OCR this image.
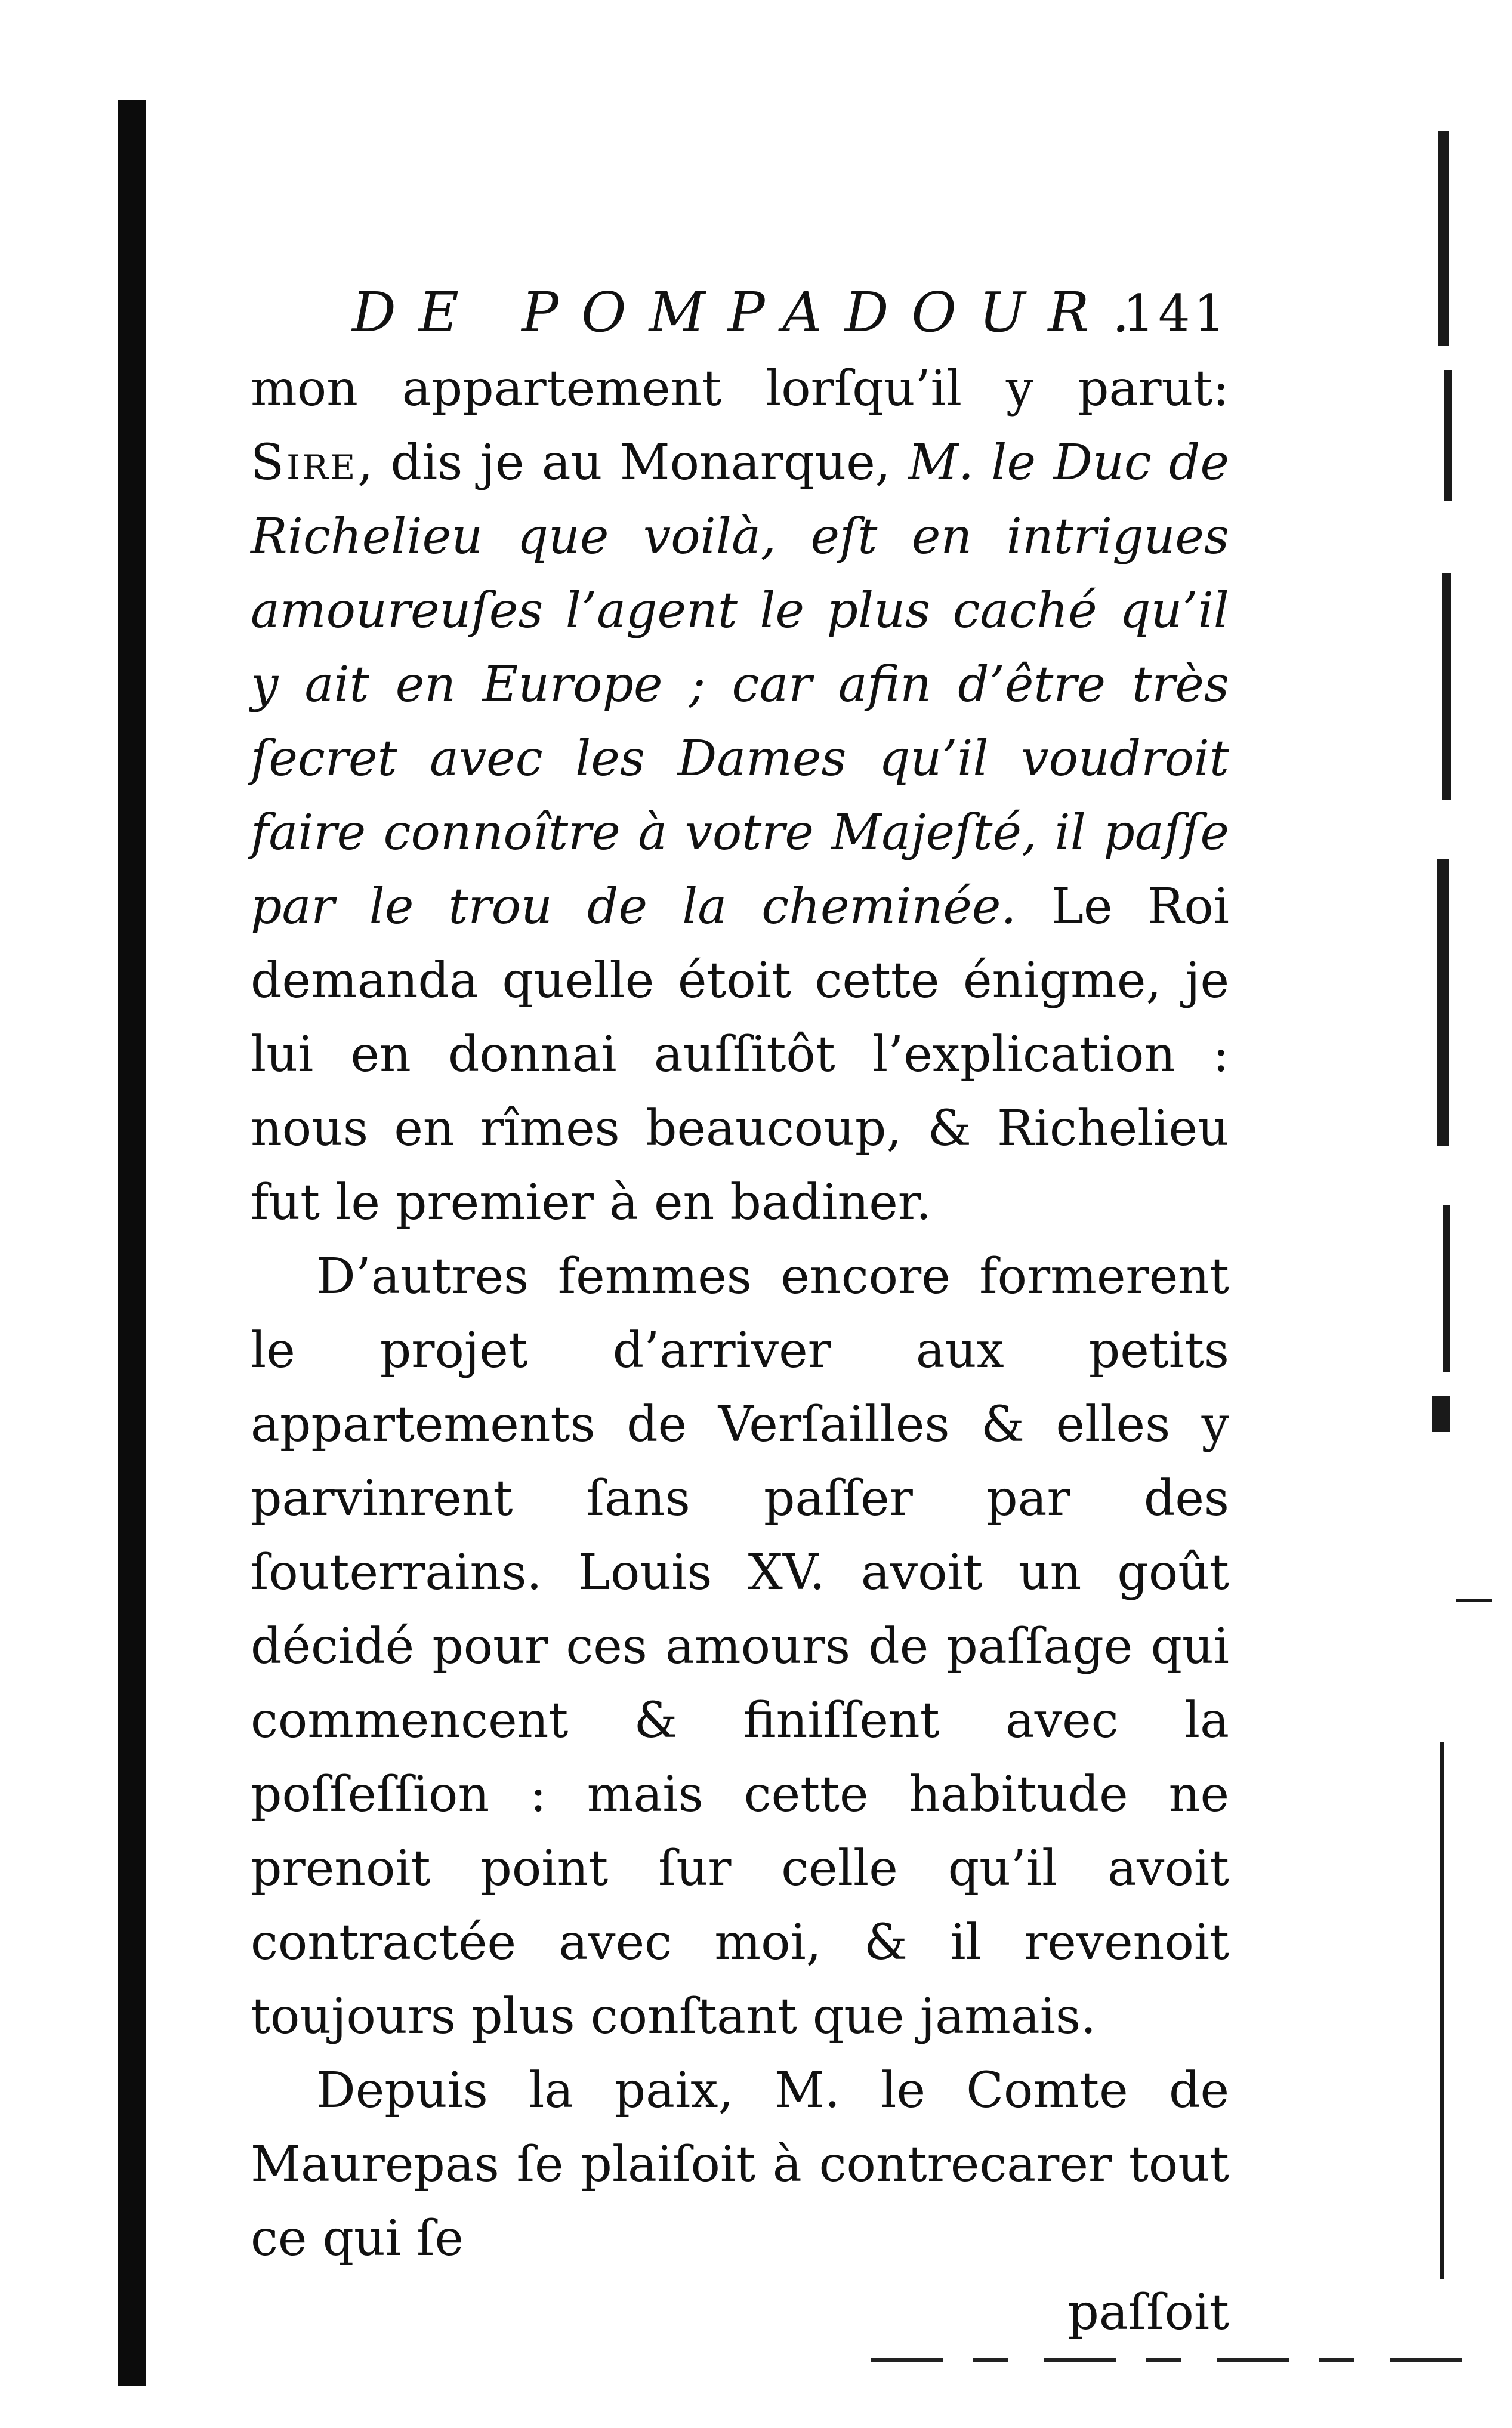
DE POMPADOUR.
141

mon appartement lorſqu’il y parut: Sire, dis je au Monarque, M. le Duc de Richelieu que voilà, eſt en intrigues amoureuſes l’agent le plus caché qu’il y ait en Europe ; car afin d’être très ſecret avec les Dames qu’il voudroit faire connoître à votre Majeſté, il paſſe par le trou de la cheminée. Le Roi demanda quelle étoit cette énigme, je lui en donnai auſſitôt l’explication : nous en rîmes beaucoup, & Richelieu fut le premier à en badiner.

D’autres femmes encore formerent le projet d’arriver aux petits appartements de Verſailles & elles y parvinrent ſans paſſer par des ſouterrains. Louis XV. avoit un goût décidé pour ces amours de paſſage qui commencent & finiſſent avec la poſſeſſion : mais cette habitude ne prenoit point ſur celle qu’il avoit contractée avec moi, & il revenoit toujours plus conſtant que jamais.

Depuis la paix, M. le Comte de Maurepas ſe plaiſoit à contrecarer tout ce qui ſe

paſſoit
